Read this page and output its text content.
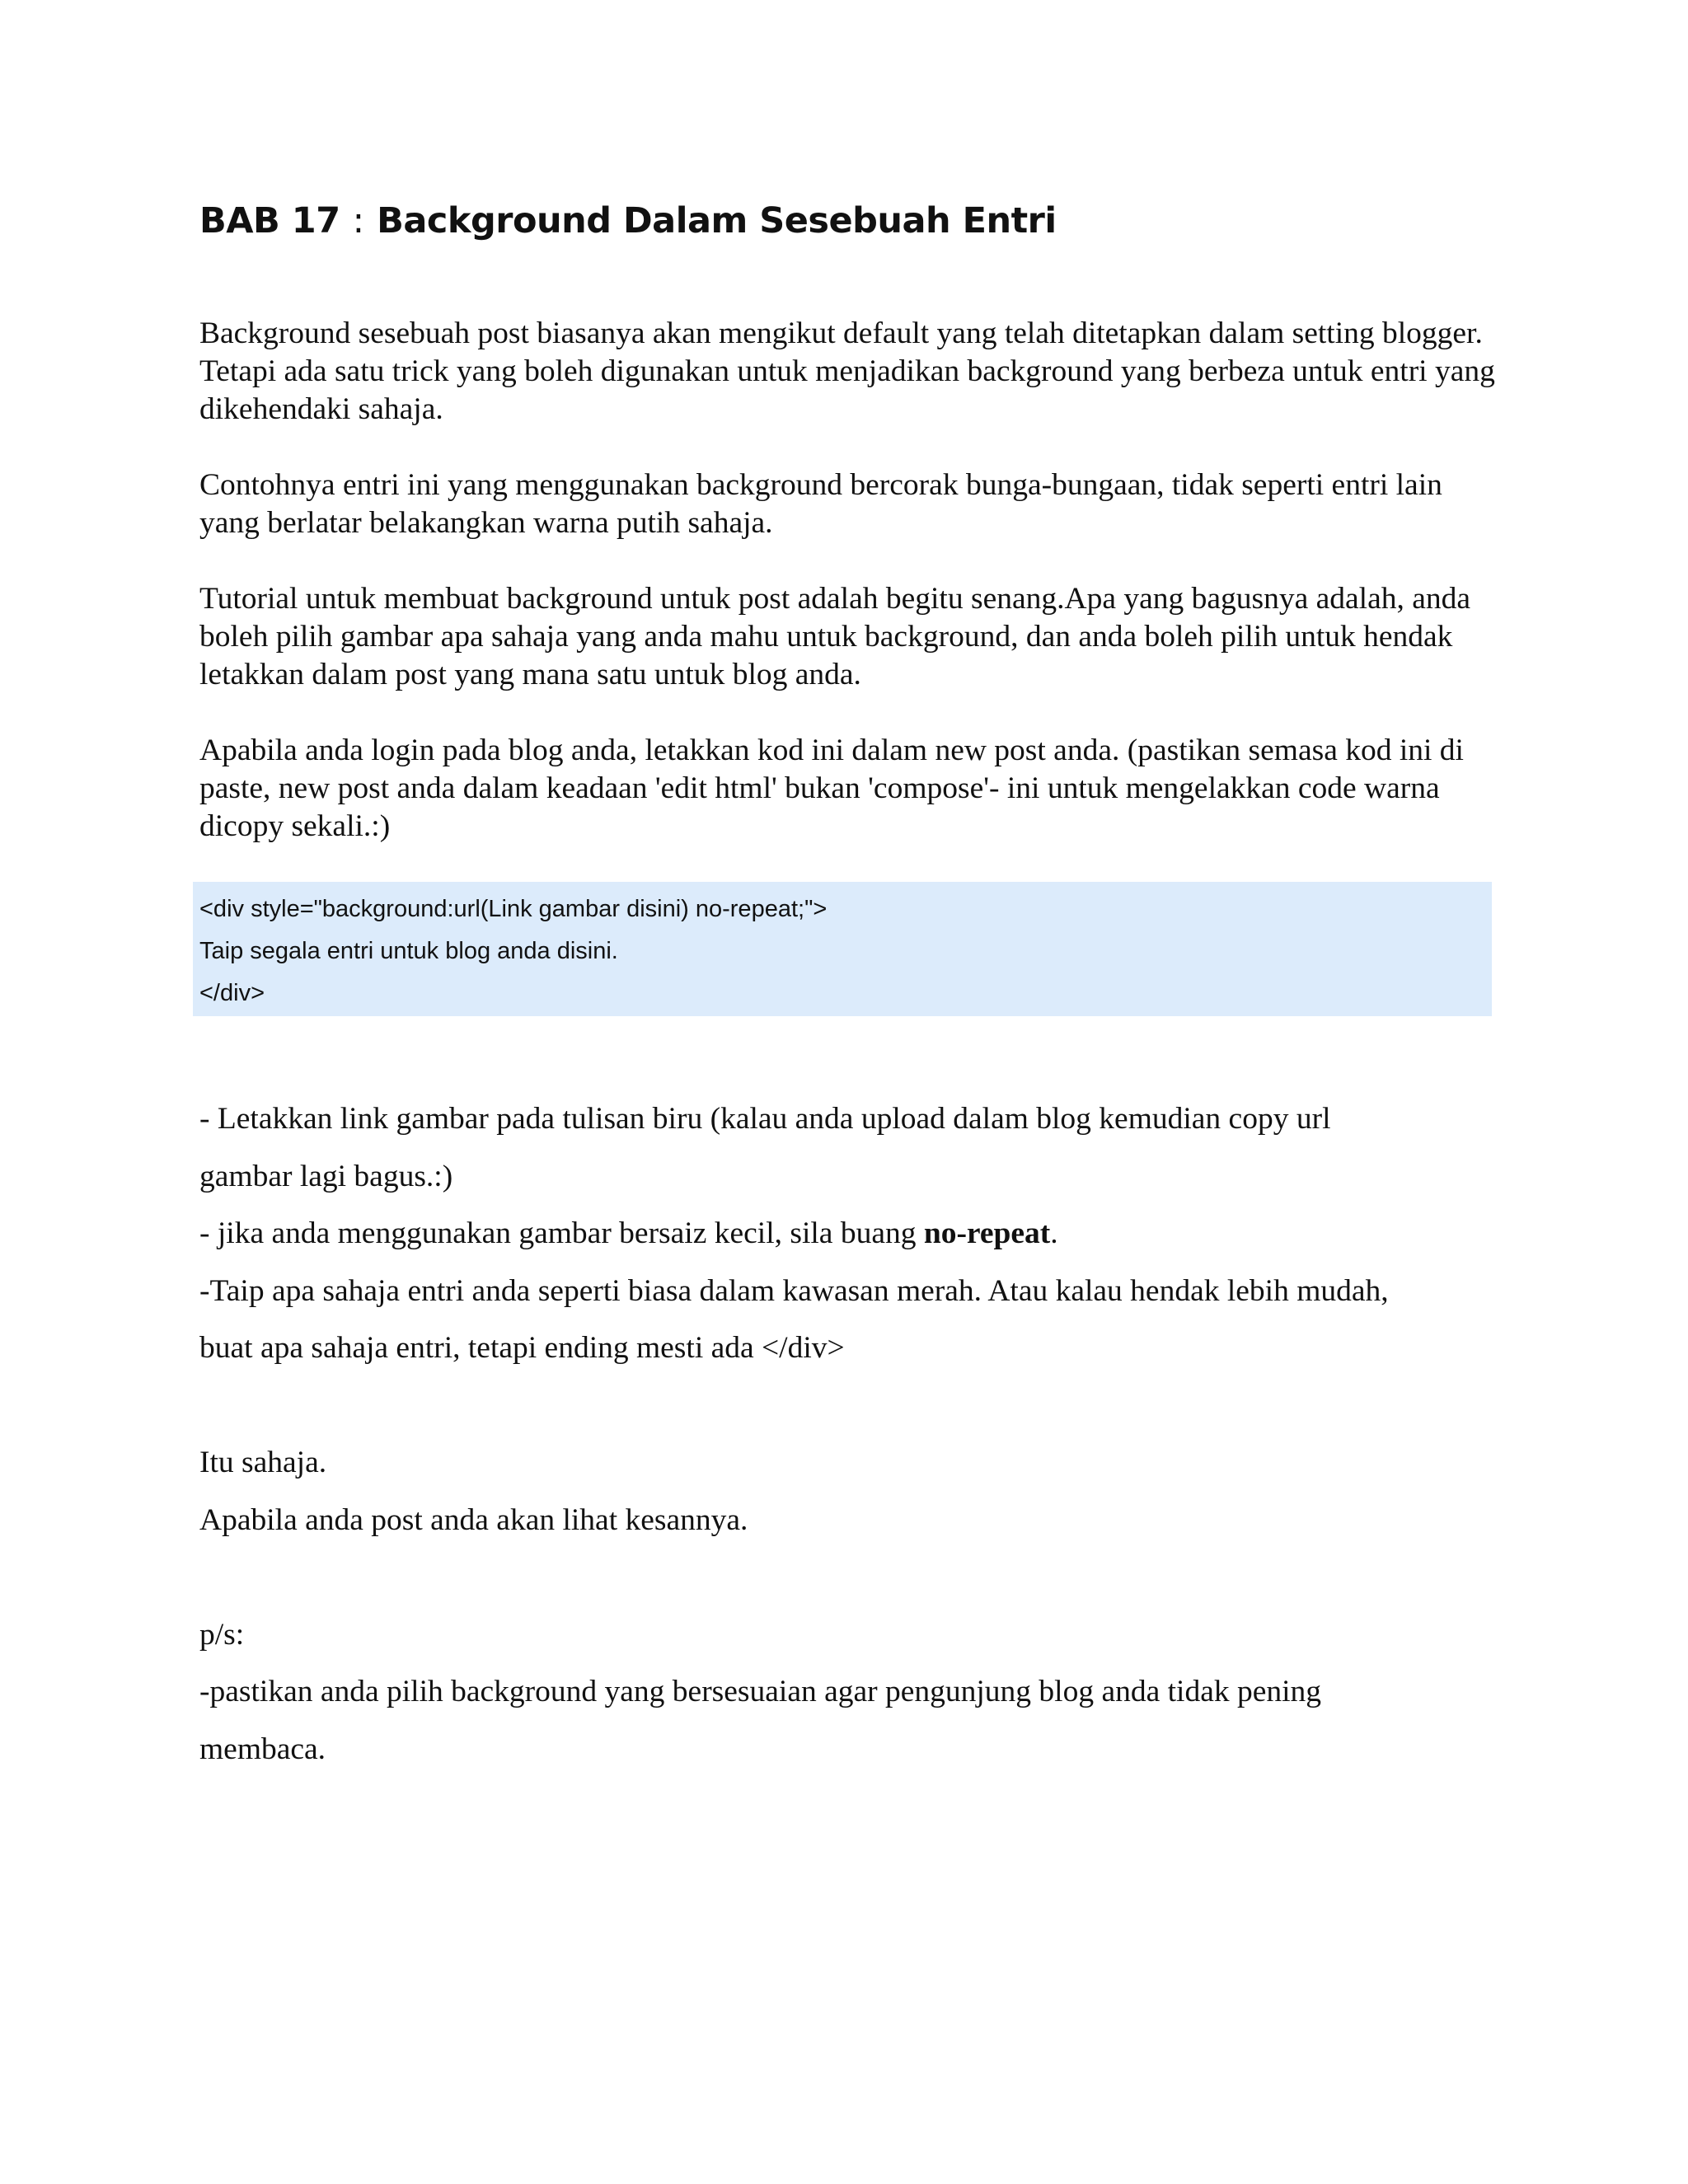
BAB 17 : Background Dalam Sesebuah Entri

Background sesebuah post biasanya akan mengikut default yang telah ditetapkan dalam setting blogger. Tetapi ada satu trick yang boleh digunakan untuk menjadikan background yang berbeza untuk entri yang dikehendaki sahaja.

Contohnya entri ini yang menggunakan background bercorak bunga-bungaan, tidak seperti entri lain yang berlatar belakangkan warna putih sahaja.

Tutorial untuk membuat background untuk post adalah begitu senang.Apa yang bagusnya adalah, anda boleh pilih gambar apa sahaja yang anda mahu untuk background, dan anda boleh pilih untuk hendak letakkan dalam post yang mana satu untuk blog anda.

Apabila anda login pada blog anda, letakkan kod ini dalam new post anda. (pastikan semasa kod ini di paste, new post anda dalam keadaan 'edit html' bukan 'compose'- ini untuk mengelakkan code warna dicopy sekali.:)

<div style="background:url(Link gambar disini) no-repeat;">
Taip segala entri untuk blog anda disini.
</div>

- Letakkan link gambar pada tulisan biru (kalau anda upload dalam blog kemudian copy url

gambar lagi bagus.:)

- jika anda menggunakan gambar bersaiz kecil, sila buang no-repeat.

-Taip apa sahaja entri anda seperti biasa dalam kawasan merah. Atau kalau hendak lebih mudah,

buat apa sahaja entri, tetapi ending mesti ada </div>

Itu sahaja.

Apabila anda post anda akan lihat kesannya.

p/s:

-pastikan anda pilih background yang bersesuaian agar pengunjung blog anda tidak pening

membaca.
